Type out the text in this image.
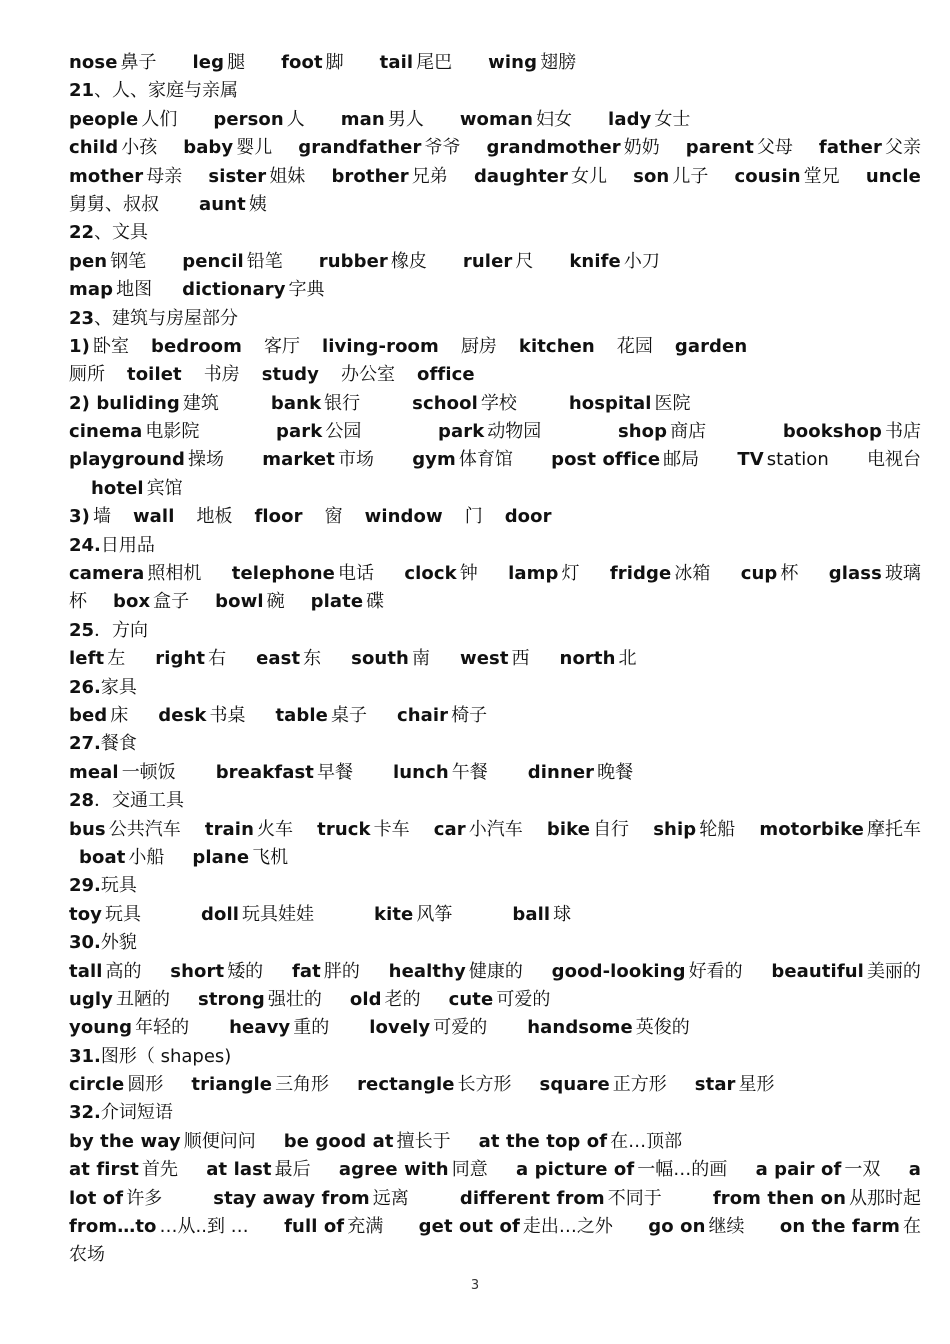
nose 鼻子 leg 腿 foot 脚 tail 尾巴 wing 翅膀
21 、人、家庭与亲属
people 人们 person 人 man 男人 woman 妇女 lady 女士
child 小孩 baby 婴儿 grandfather 爷爷 grandmother 奶奶 parent 父母 father 父亲
mother 母亲 sister 姐妹 brother 兄弟 daughter 女儿 son 儿子 cousin 堂兄 uncle
舅舅、叔叔 aunt 姨
22 、文具
pen 钢笔 pencil 铅笔 rubber 橡皮 ruler 尺 knife 小刀
map 地图 dictionary 字典
23 、建筑与房屋部分
1) 卧室 bedroom 客厅 living-room 厨房 kitchen 花园 garden
厕所 toilet 书房 study 办公室 office
2) buliding 建筑	bank 银行	school 学校	hospital 医院
cinema 电影院	park 公园	park 动物园	shop 商店	bookshop 书店
playground 操场 market 市场 gym 体育馆 post office 邮局 TV station 电视台
hotel 宾馆
3) 墙 wall 地板 floor 窗 window 门 door
24. 日用品
camera 照相机 telephone 电话 clock 钟 lamp 灯 fridge 冰箱 cup 杯 glass 玻璃
杯 box 盒子 bowl 碗 plate 碟
25 ．方向
left 左 right 右 east 东 south 南 west 西 north 北
26. 家具
bed 床 desk 书桌 table 桌子 chair 椅子
27. 餐食
meal 一顿饭 breakfast 早餐 lunch 午餐 dinner 晚餐
28 ．交通工具
bus 公共汽车 train 火车 truck 卡车 car 小汽车 bike 自行 ship 轮船 motorbike 摩托车
boat 小船 plane 飞机
29. 玩具
toy 玩具	doll 玩具娃娃	kite 风筝	ball 球
30. 外貌
tall 高的 short 矮的 fat 胖的 healthy 健康的 good-looking 好看的 beautiful 美丽的
ugly 丑陋的 strong 强壮的 old 老的 cute 可爱的
young 年轻的 heavy 重的 lovely 可爱的 handsome 英俊的
31. 图形（ shapes)
circle 圆形 triangle 三角形 rectangle 长方形 square 正方形 star 星形
32. 介词短语
by the way 顺便问问 be good at 擅长于 at the top of 在…顶部
at first 首先 at last 最后 agree with 同意 a picture of 一幅…的画 a pair of 一双 a
lot of 许多	stay away from 远离	different from 不同于	from then on 从那时起
from…to …从..到 … full of 充满 get out of 走出…之外 go on 继续 on the farm 在
农场
3
